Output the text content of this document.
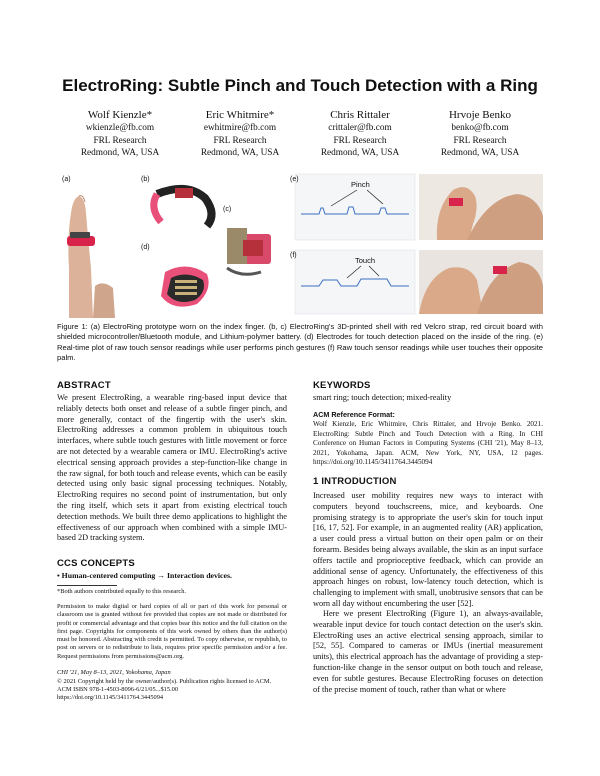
ElectroRing: Subtle Pinch and Touch Detection with a Ring
Wolf Kienzle*
wkienzle@fb.com
FRL Research
Redmond, WA, USA
Eric Whitmire*
ewhitmire@fb.com
FRL Research
Redmond, WA, USA
Chris Rittaler
crittaler@fb.com
FRL Research
Redmond, WA, USA
Hrvoje Benko
benko@fb.com
FRL Research
Redmond, WA, USA
(a)	(b)
(c)
(d)
(e)
(f)
Pinch
Touch
Figure 1: (a) ElectroRing prototype worn on the index finger. (b, c) ElectroRing's 3D-printed shell with red Velcro strap, red circuit board with shielded microcontroller/Bluetooth module, and Lithium-polymer battery. (d) Electrodes for touch detection placed on the inside of the ring. (e) Real-time plot of raw touch sensor readings while user performs pinch gestures (f) Raw touch sensor readings while user touches their opposite palm.
ABSTRACT
We present ElectroRing, a wearable ring-based input device that reliably detects both onset and release of a subtle finger pinch, and more generally, contact of the fingertip with the user's skin. ElectroRing addresses a common problem in ubiquitous touch interfaces, where subtle touch gestures with little movement or force are not detected by a wearable camera or IMU. ElectroRing's active electrical sensing approach provides a step-function-like change in the raw signal, for both touch and release events, which can be easily detected using only basic signal processing techniques. Notably, ElectroRing requires no second point of instrumentation, but only the ring itself, which sets it apart from existing electrical touch detection methods. We built three demo applications to highlight the effectiveness of our approach when combined with a simple IMU-based 2D tracking system.
CCS CONCEPTS
• Human-centered computing → Interaction devices.
*Both authors contributed equally to this research.
Permission to make digital or hard copies of all or part of this work for personal or classroom use is granted without fee provided that copies are not made or distributed for profit or commercial advantage and that copies bear this notice and the full citation on the first page. Copyrights for components of this work owned by others than the author(s) must be honored. Abstracting with credit is permitted. To copy otherwise, or republish, to post on servers or to redistribute to lists, requires prior specific permission and/or a fee. Request permissions from permissions@acm.org.
CHI '21, May 8–13, 2021, Yokohama, Japan
© 2021 Copyright held by the owner/author(s). Publication rights licensed to ACM.
ACM ISBN 978-1-4503-8096-6/21/05...$15.00
https://doi.org/10.1145/3411764.3445094
KEYWORDS
smart ring; touch detection; mixed-reality
ACM Reference Format:
Wolf Kienzle, Eric Whitmire, Chris Rittaler, and Hrvoje Benko. 2021. ElectroRing: Subtle Pinch and Touch Detection with a Ring. In CHI Conference on Human Factors in Computing Systems (CHI '21), May 8–13, 2021, Yokohama, Japan. ACM, New York, NY, USA, 12 pages. https://doi.org/10.1145/3411764.3445094
1 INTRODUCTION
Increased user mobility requires new ways to interact with computers beyond touchscreens, mice, and keyboards. One promising strategy is to appropriate the user's skin for touch input [16, 17, 52]. For example, in an augmented reality (AR) application, a user could press a virtual button on their open palm or on their forearm. Besides being always available, the skin as an input surface offers tactile and proprioceptive feedback, which can provide an additional sense of agency. Unfortunately, the effectiveness of this approach hinges on robust, low-latency touch detection, which is challenging to implement with small, unobtrusive sensors that can be worn all day without encumbering the user [52].
Here we present ElectroRing (Figure 1), an always-available, wearable input device for touch contact detection on the user's skin. ElectroRing uses an active electrical sensing approach, similar to [52, 55]. Compared to cameras or IMUs (inertial measurement units), this electrical approach has the advantage of providing a step-function-like change in the sensor output on both touch and release, even for subtle gestures. Because ElectroRing focuses on detection of the precise moment of touch, rather than what or where
